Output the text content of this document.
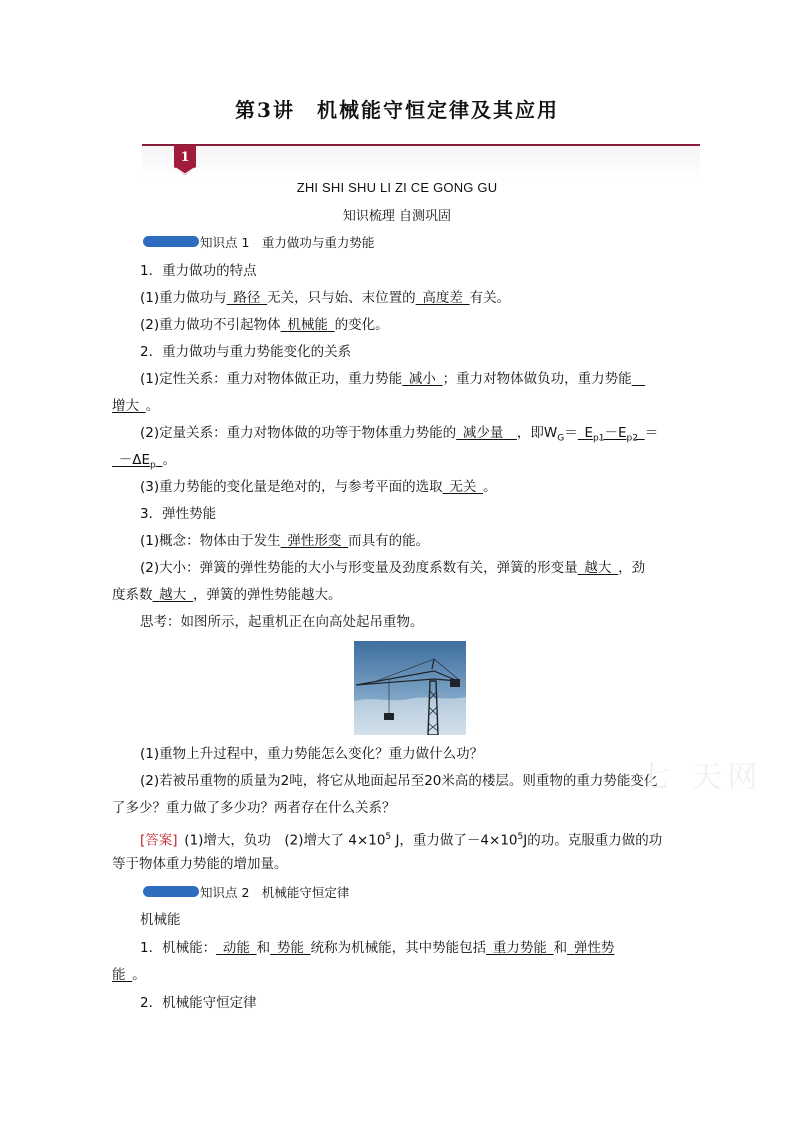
第3讲　机械能守恒定律及其应用
1
ZHI SHI SHU LI ZI CE GONG GU
知识梳理 自测巩固
知识点 1　重力做功与重力势能
1．重力做功的特点
(1)重力做功与  路径  无关，只与始、末位置的  高度差  有关。
(2)重力做功不引起物体  机械能  的变化。
2．重力做功与重力势能变化的关系
(1)定性关系：重力对物体做正功，重力势能  减小  ；重力对物体做负功，重力势能 
增大  。
(2)定量关系：重力对物体做的功等于物体重力势能的  减少量  ，即$W_G=$  $E_{p1}-E_{p2}$  ＝
 $-\Delta E_p$  。
(3)重力势能的变化量是绝对的，与参考平面的选取  无关  。
3．弹性势能
(1)概念：物体由于发生  弹性形变  而具有的能。
(2)大小：弹簧的弹性势能的大小与形变量及劲度系数有关，弹簧的形变量  越大  ，劲
度系数  越大  ，弹簧的弹性势能越大。
思考：如图所示，起重机正在向高处起吊重物。
(1)重物上升过程中，重力势能怎么变化？重力做什么功？
(2)若被吊重物的质量为2吨，将它从地面起吊至20米高的楼层。则重物的重力势能变化
了多少？重力做了多少功？两者存在什么关系？
七 天网
[答案]  (1)增大，负功　(2)增大了 $4\times 10^5$ J，重力做了$-4\times 10^5J$的功。克服重力做的功
等于物体重力势能的增加量。
知识点 2　机械能守恒定律
机械能
1．机械能：  动能  和  势能  统称为机械能，其中势能包括  重力势能  和  弹性势
能  。
2．机械能守恒定律
